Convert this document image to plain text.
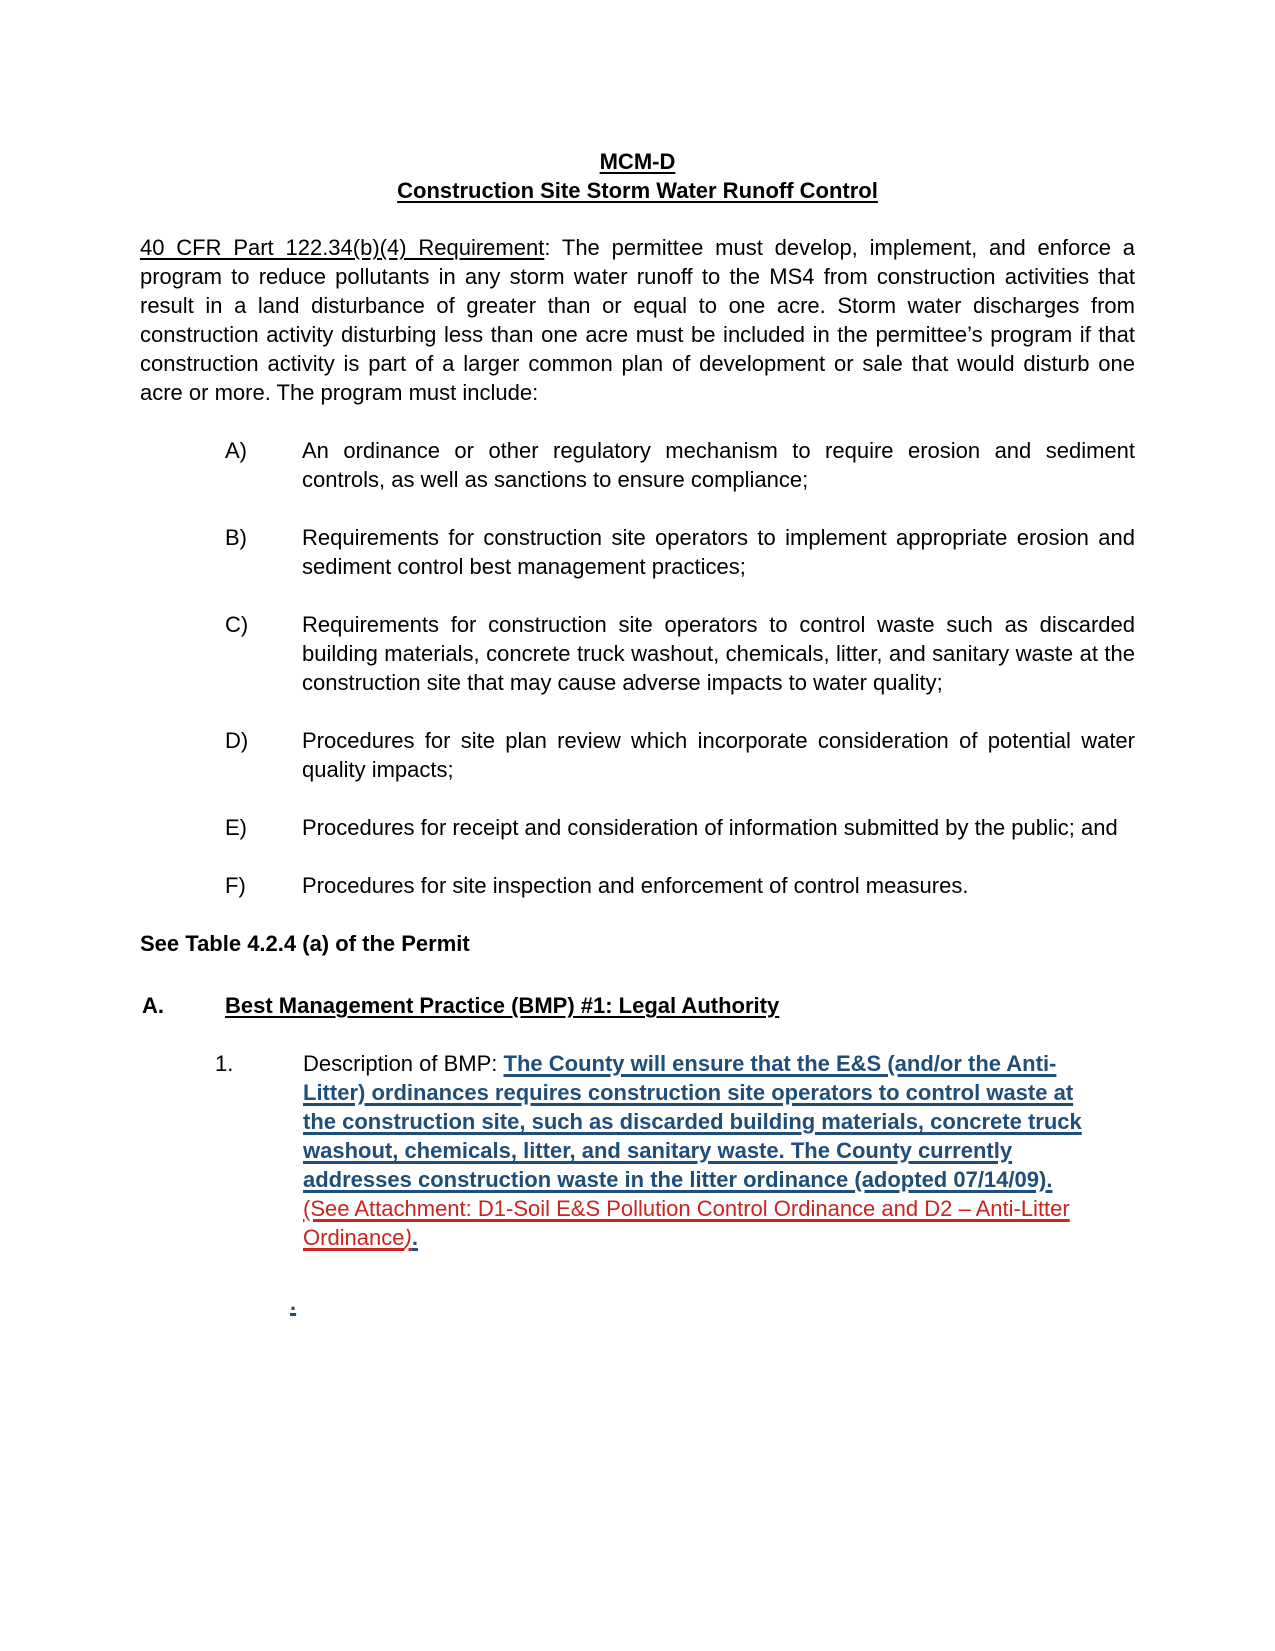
MCM-D
Construction Site Storm Water Runoff Control

40 CFR Part 122.34(b)(4) Requirement: The permittee must develop, implement, and enforce a program to reduce pollutants in any storm water runoff to the MS4 from construction activities that result in a land disturbance of greater than or equal to one acre. Storm water discharges from construction activity disturbing less than one acre must be included in the permittee’s program if that construction activity is part of a larger common plan of development or sale that would disturb one acre or more. The program must include:

A)	An ordinance or other regulatory mechanism to require erosion and sediment controls, as well as sanctions to ensure compliance;
B)	Requirements for construction site operators to implement appropriate erosion and sediment control best management practices;
C) Requirements for construction site operators to control waste such as discarded building materials, concrete truck washout, chemicals, litter, and sanitary waste at the construction site that may cause adverse impacts to water quality;
D) Procedures for site plan review which incorporate consideration of potential water quality impacts;
E)	Procedures for receipt and consideration of information submitted by the public; and
F)	Procedures for site inspection and enforcement of control measures.

See Table 4.2.4 (a) of the Permit

A.	Best Management Practice (BMP) #1: Legal Authority
1.	Description of BMP: The County will ensure that the E&S (and/or the Anti-Litter) ordinances requires construction site operators to control waste at the construction site, such as discarded building materials, concrete truck washout, chemicals, litter, and sanitary waste. The County currently addresses construction waste in the litter ordinance (adopted 07/14/09). (See Attachment: D1-Soil E&S Pollution Control Ordinance and D2 – Anti-Litter Ordinance).
.
